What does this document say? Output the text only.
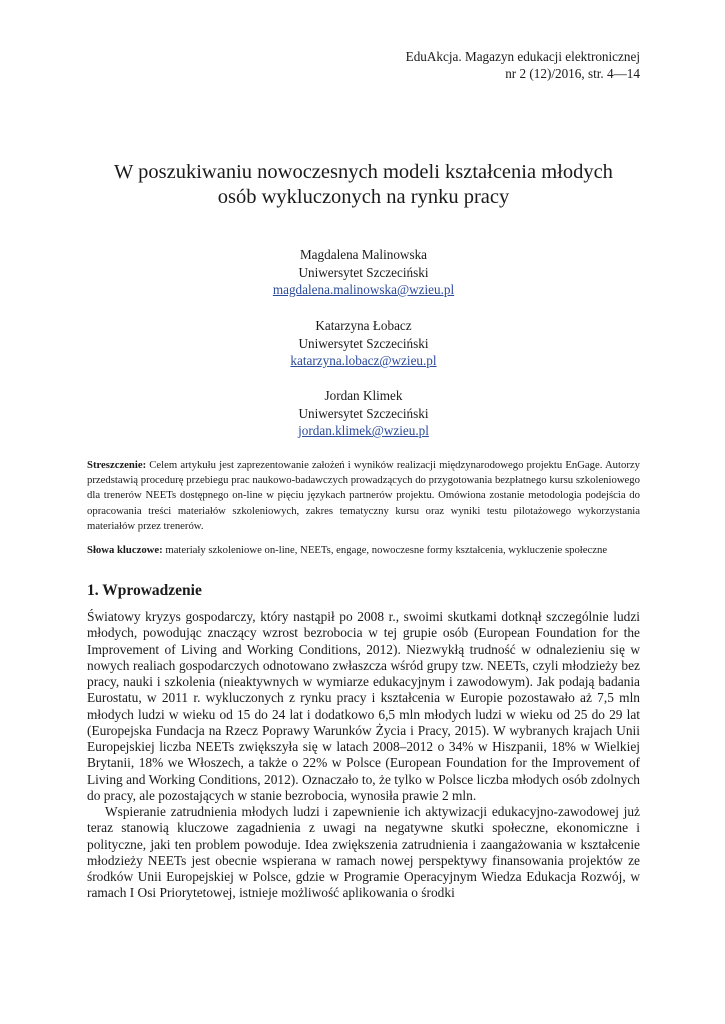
EduAkcja. Magazyn edukacji elektronicznej
nr 2 (12)/2016, str. 4—14
W poszukiwaniu nowoczesnych modeli kształcenia młodych
osób wykluczonych na rynku pracy
Magdalena Malinowska
Uniwersytet Szczeciński
magdalena.malinowska@wzieu.pl
Katarzyna Łobacz
Uniwersytet Szczeciński
katarzyna.lobacz@wzieu.pl
Jordan Klimek
Uniwersytet Szczeciński
jordan.klimek@wzieu.pl
Streszczenie: Celem artykułu jest zaprezentowanie założeń i wyników realizacji międzynarodowego projektu EnGage. Autorzy przedstawią procedurę przebiegu prac naukowo-badawczych prowadzących do przygotowania bezpłatnego kursu szkoleniowego dla trenerów NEETs dostępnego on-line w pięciu językach partnerów projektu. Omówiona zostanie metodologia podejścia do opracowania treści materiałów szkoleniowych, zakres tematyczny kursu oraz wyniki testu pilotażowego wykorzystania materiałów przez trenerów.
Słowa kluczowe: materiały szkoleniowe on-line, NEETs, engage, nowoczesne formy kształcenia, wykluczenie społeczne
1. Wprowadzenie

Światowy kryzys gospodarczy, który nastąpił po 2008 r., swoimi skutkami dotknął szczególnie ludzi młodych, powodując znaczący wzrost bezrobocia w tej grupie osób (European Foundation for the Improvement of Living and Working Conditions, 2012). Niezwykłą trudność w odnalezieniu się w nowych realiach gospodarczych odnotowano zwłaszcza wśród grupy tzw. NEETs, czyli młodzieży bez pracy, nauki i szkolenia (nieaktywnych w wymiarze edukacyjnym i zawodowym). Jak podają badania Eurostatu, w 2011 r. wykluczonych z rynku pracy i kształcenia w Europie pozostawało aż 7,5 mln młodych ludzi w wieku od 15 do 24 lat i dodatkowo 6,5 mln młodych ludzi w wieku od 25 do 29 lat (Europejska Fundacja na Rzecz Poprawy Warunków Życia i Pracy, 2015). W wybranych krajach Unii Europejskiej liczba NEETs zwiększyła się w latach 2008–2012 o 34% w Hiszpanii, 18% w Wielkiej Brytanii, 18% we Włoszech, a także o 22% w Polsce (European Foundation for the Improvement of Living and Working Conditions, 2012). Oznaczało to, że tylko w Polsce liczba młodych osób zdolnych do pracy, ale pozostających w stanie bezrobocia, wynosiła prawie 2 mln.

Wspieranie zatrudnienia młodych ludzi i zapewnienie ich aktywizacji edukacyjno-zawodowej już teraz stanowią kluczowe zagadnienia z uwagi na negatywne skutki społeczne, ekonomiczne i polityczne, jaki ten problem powoduje. Idea zwiększenia zatrudnienia i zaangażowania w kształcenie młodzieży NEETs jest obecnie wspierana w ramach nowej perspektywy finansowania projektów ze środków Unii Europejskiej w Polsce, gdzie w Programie Operacyjnym Wiedza Edukacja Rozwój, w ramach I Osi Priorytetowej, istnieje możliwość aplikowania o środki
